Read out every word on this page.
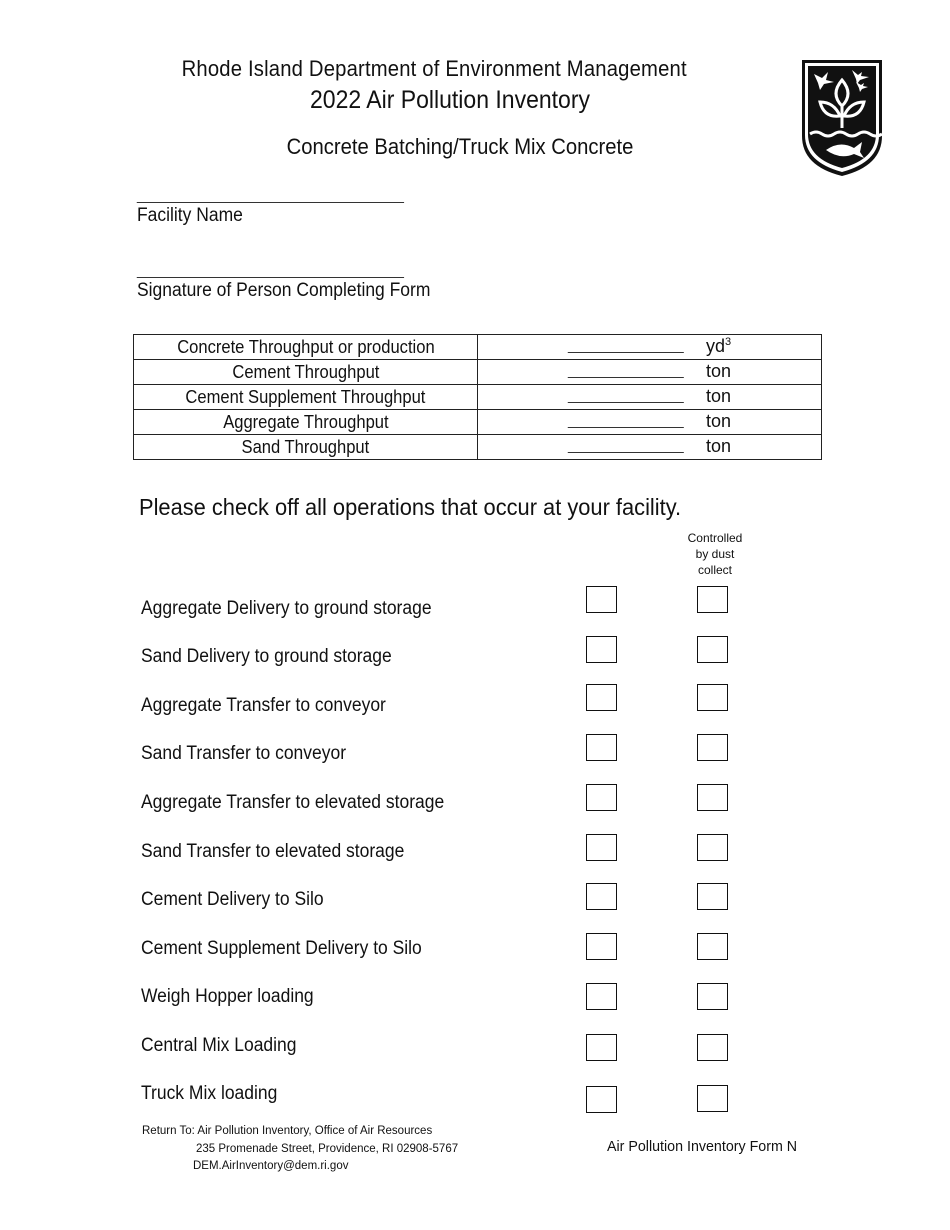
Rhode Island Department of Environment Management
2022 Air Pollution Inventory
Concrete Batching/Truck Mix Concrete
______________________________
Facility Name
______________________________
Signature of Person Completing Form
Concrete Throughput or production	_____________ $yd^3$

Cement Throughput	_____________ ton

Cement Supplement Throughput	_____________ ton

Aggregate Throughput	_____________ ton

Sand Throughput	_____________ ton
Please check off all operations that occur at your facility.
Controlled
by dust
collect
Aggregate Delivery to ground storage
Sand Delivery to ground storage
Aggregate Transfer to conveyor
Sand Transfer to conveyor
Aggregate Transfer to elevated storage
Sand Transfer to elevated storage
Cement Delivery to Silo
Cement Supplement Delivery to Silo
Weigh Hopper loading
Central Mix Loading
Truck Mix loading
Return To: Air Pollution Inventory, Office of Air Resources
235 Promenade Street, Providence, RI 02908-5767
DEM.AirInventory@dem.ri.gov
Air Pollution Inventory Form N
